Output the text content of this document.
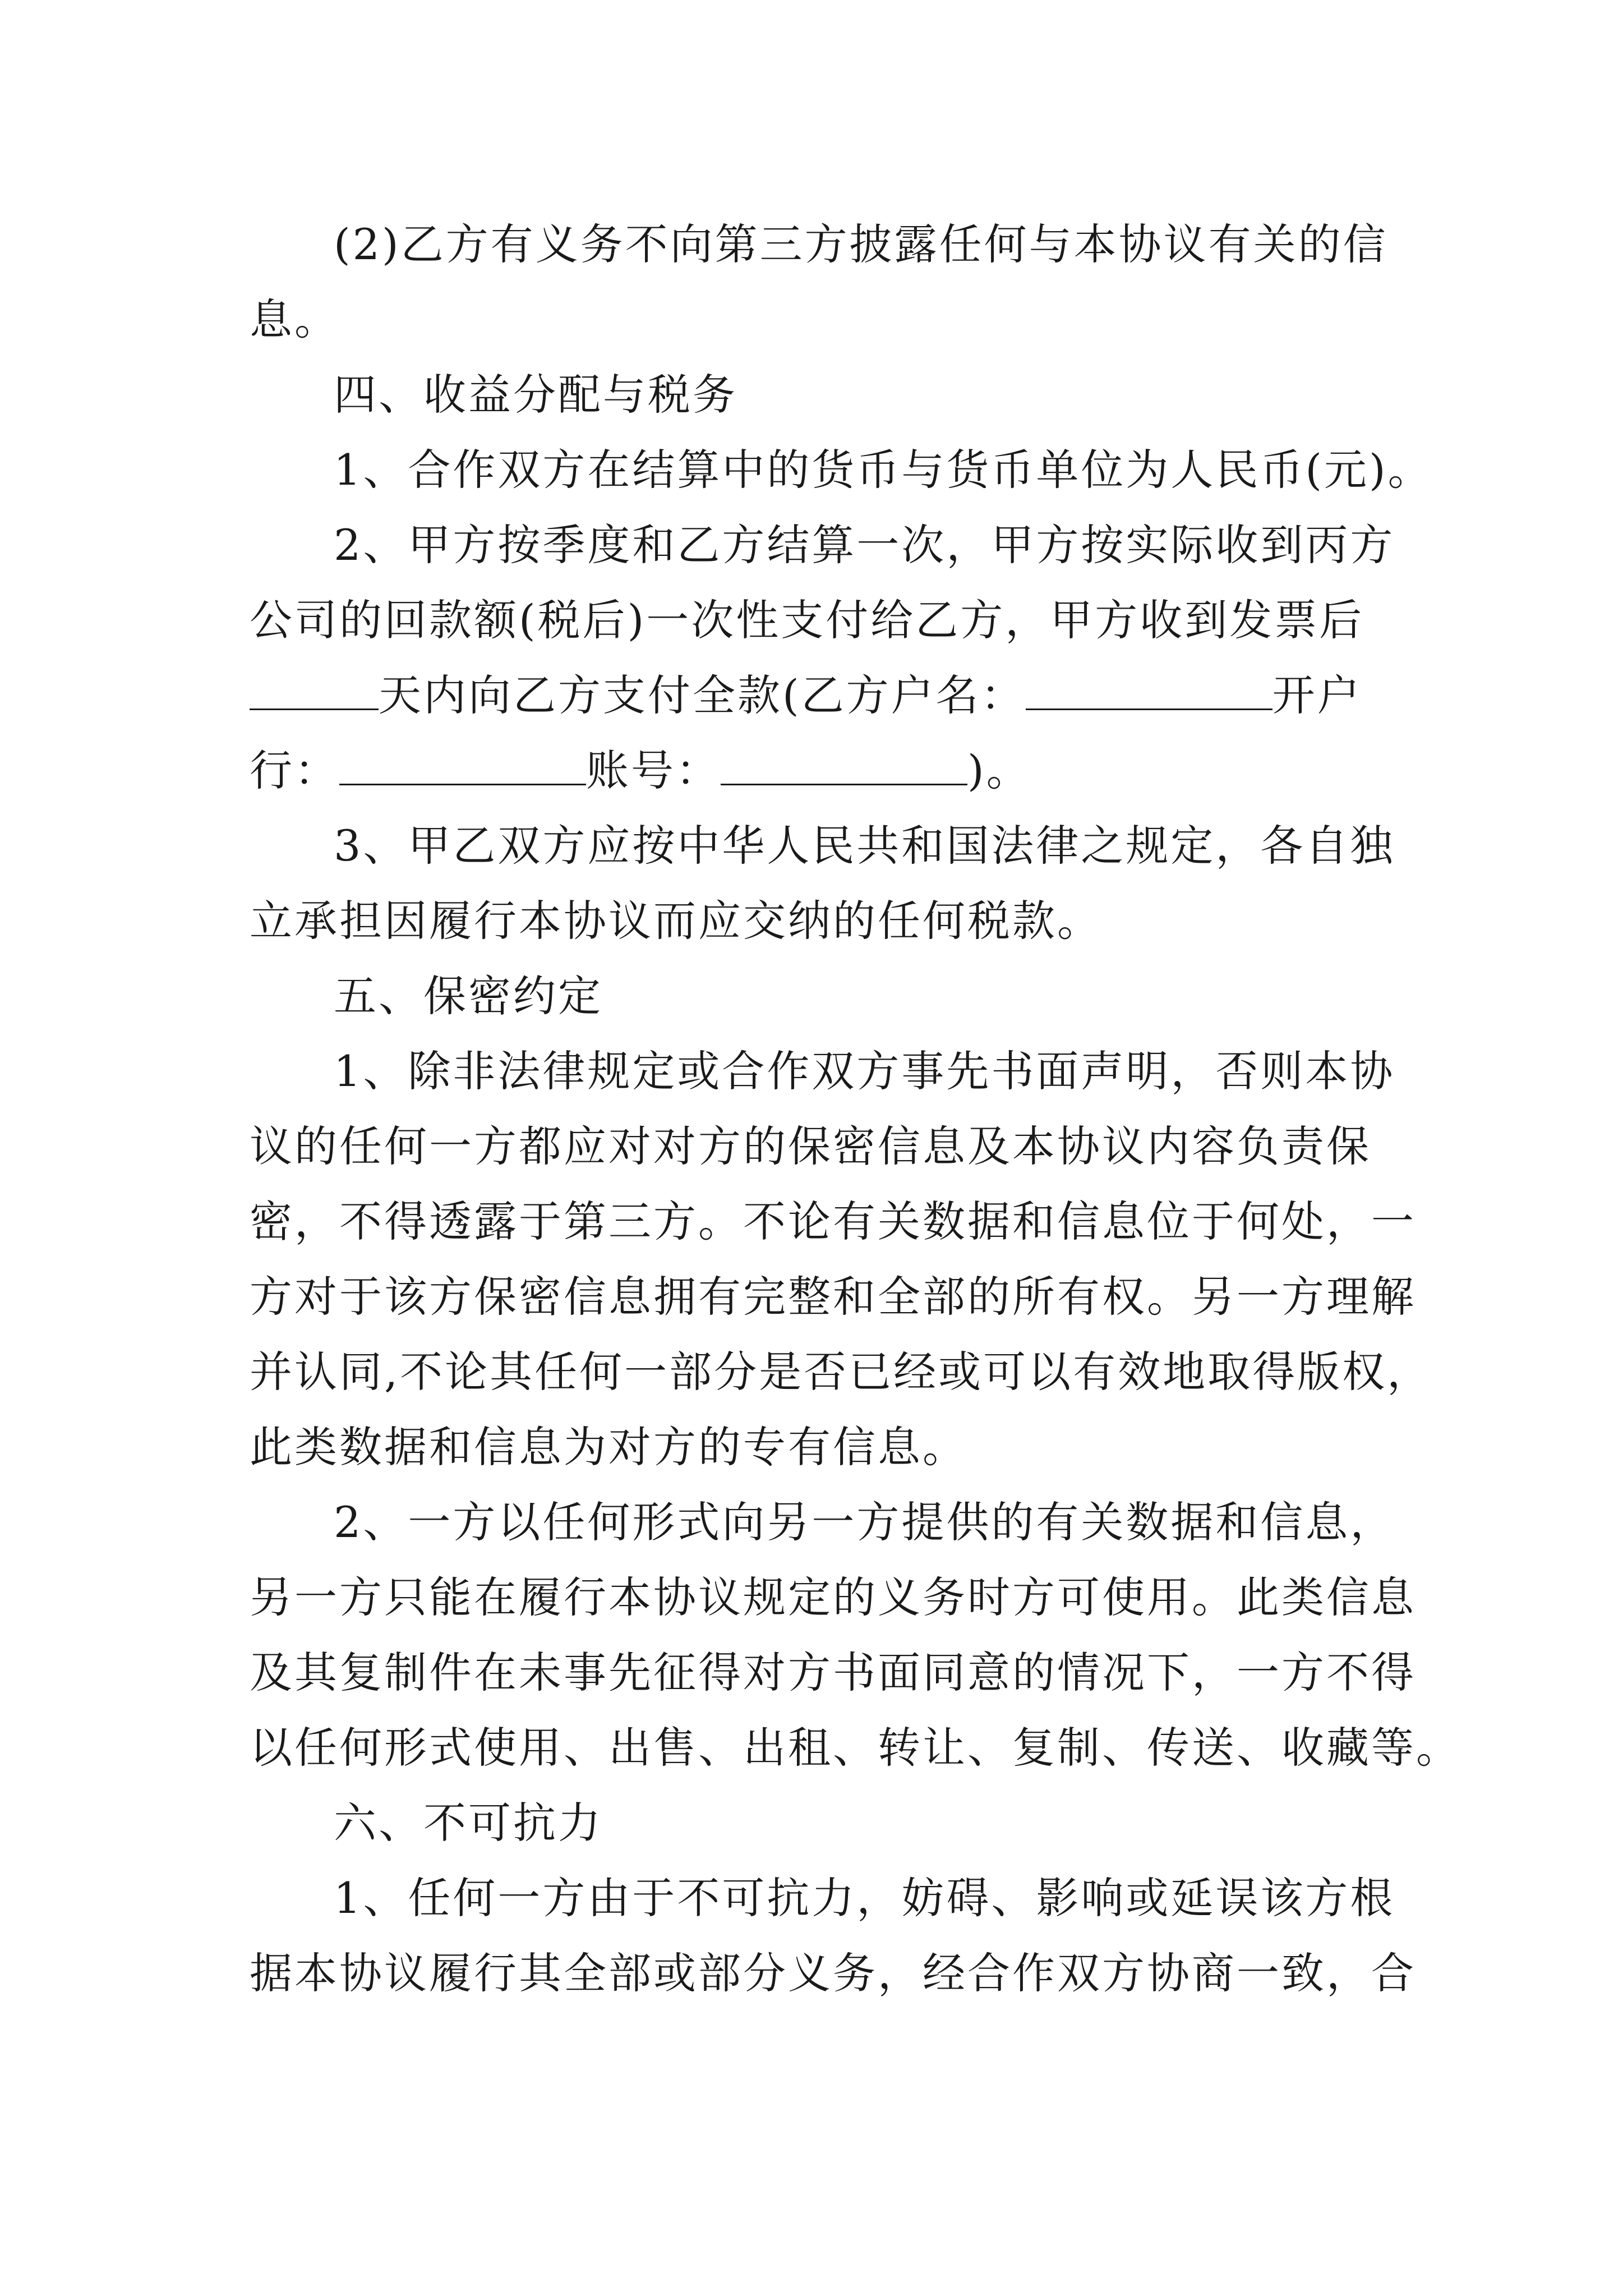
(2)乙方有义务不向第三方披露任何与本协议有关的信
息。
四、收益分配与税务
1、合作双方在结算中的货币与货币单位为人民币(元)。
2、甲方按季度和乙方结算一次，甲方按实际收到丙方
公司的回款额(税后)一次性支付给乙方，甲方收到发票后
天内向乙方支付全款(乙方户名：	开户
行：	账号：	)。
3、甲乙双方应按中华人民共和国法律之规定，各自独
立承担因履行本协议而应交纳的任何税款。
五、保密约定
1、除非法律规定或合作双方事先书面声明，否则本协
议的任何一方都应对对方的保密信息及本协议内容负责保
密，不得透露于第三方。不论有关数据和信息位于何处，一
方对于该方保密信息拥有完整和全部的所有权。另一方理解
并认同,不论其任何一部分是否已经或可以有效地取得版权，
此类数据和信息为对方的专有信息。
2、一方以任何形式向另一方提供的有关数据和信息，
另一方只能在履行本协议规定的义务时方可使用。此类信息
及其复制件在未事先征得对方书面同意的情况下，一方不得
以任何形式使用、出售、出租、转让、复制、传送、收藏等。
六、不可抗力
1、任何一方由于不可抗力，妨碍、影响或延误该方根
据本协议履行其全部或部分义务，经合作双方协商一致，合
